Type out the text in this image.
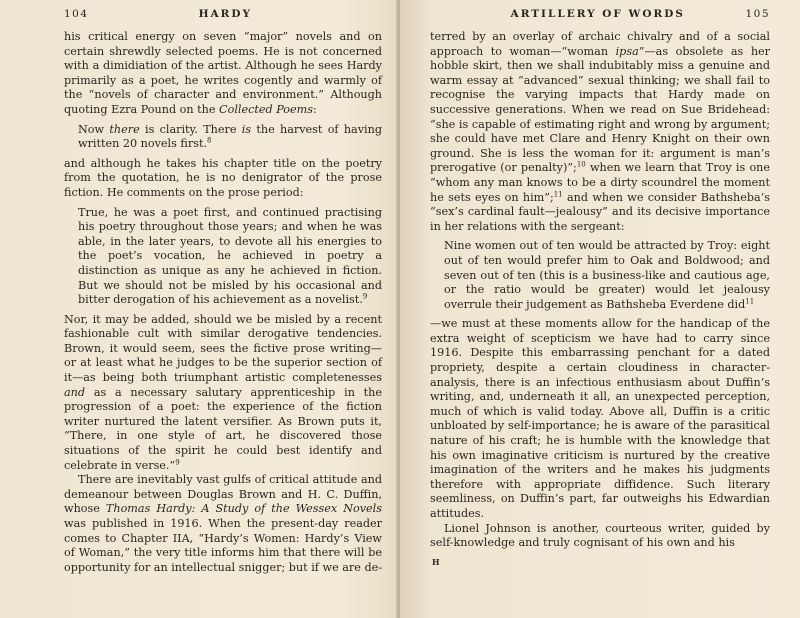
104	HARDY

his critical energy on seven “major” novels and on certain shrewdly selected poems. He is not concerned with a dimidiation of the artist. Although he sees Hardy primarily as a poet, he writes cogently and warmly of the “novels of character and environment.” Although quoting Ezra Pound on the Collected Poems:

Now there is clarity. There is the harvest of having written 20 novels first.$^8$

and although he takes his chapter title on the poetry from the quotation, he is no denigrator of the prose fiction. He comments on the prose period:

True, he was a poet first, and continued practising his poetry throughout those years; and when he was able, in the later years, to devote all his energies to the poet’s vocation, he achieved in poetry a distinction as unique as any he achieved in fiction. But we should not be misled by his occasional and bitter derogation of his achievement as a novelist.$^9$

Nor, it may be added, should we be misled by a recent fashionable cult with similar derogative tendencies. Brown, it would seem, sees the fictive prose writing—or at least what he judges to be the superior section of it—as being both triumphant artistic completenesses and as a necessary salutary apprenticeship in the progression of a poet: the experience of the fiction writer nurtured the latent versifier. As Brown puts it, “There, in one style of art, he discovered those situations of the spirit he could best identify and celebrate in verse.”$^9$

There are inevitably vast gulfs of critical attitude and demeanour between Douglas Brown and H. C. Duffin, whose Thomas Hardy: A Study of the Wessex Novels was published in 1916. When the present-day reader comes to Chapter IIA, “Hardy’s Women: Hardy’s View of Woman,” the very title informs him that there will be opportunity for an intellectual snigger; but if we are de-

ARTILLERY OF WORDS	105

terred by an overlay of archaic chivalry and of a social approach to woman—“woman ipsa”—as obsolete as her hobble skirt, then we shall indubitably miss a genuine and warm essay at “advanced” sexual thinking; we shall fail to recognise the varying impacts that Hardy made on successive generations. When we read on Sue Bridehead: “she is capable of estimating right and wrong by argument; she could have met Clare and Henry Knight on their own ground. She is less the woman for it: argument is man’s prerogative (or penalty)”;$^{10}$ when we learn that Troy is one “whom any man knows to be a dirty scoundrel the moment he sets eyes on him”;$^{11}$ and when we consider Bathsheba’s “sex’s cardinal fault—jealousy” and its decisive importance in her relations with the sergeant:

Nine women out of ten would be attracted by Troy: eight out of ten would prefer him to Oak and Boldwood; and seven out of ten (this is a business-like and cautious age, or the ratio would be greater) would let jealousy overrule their judgement as Bathsheba Everdene did$^{11}$

—we must at these moments allow for the handicap of the extra weight of scepticism we have had to carry since 1916. Despite this embarrassing penchant for a dated propriety, despite a certain cloudiness in character-analysis, there is an infectious enthusiasm about Duffin’s writing, and, underneath it all, an unexpected perception, much of which is valid today. Above all, Duffin is a critic unbloated by self-importance; he is aware of the parasitical nature of his craft; he is humble with the knowledge that his own imaginative criticism is nurtured by the creative imagination of the writers and he makes his judgments therefore with appropriate diffidence. Such literary seemliness, on Duffin’s part, far outweighs his Edwardian attitudes.

Lionel Johnson is another, courteous writer, guided by self-knowledge and truly cognisant of his own and his

H
